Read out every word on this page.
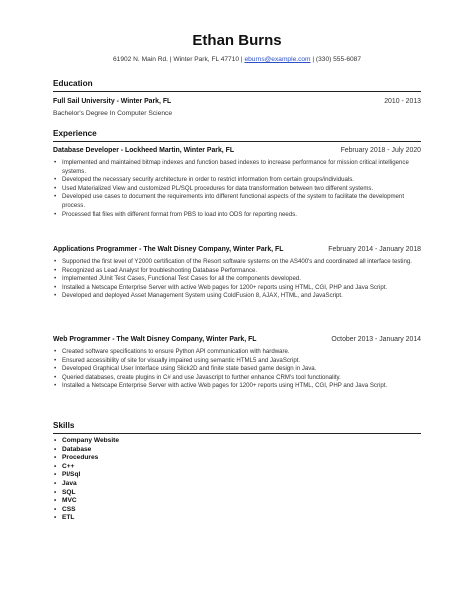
Ethan Burns
61902 N. Main Rd. | Winter Park, FL 47710 | eburns@example.com | (330) 555-6087
Education
Full Sail University - Winter Park, FL	2010 - 2013
Bachelor's Degree In Computer Science
Experience
Database Developer - Lockheed Martin, Winter Park, FL	February 2018 - July 2020
• Implemented and maintained bitmap indexes and function based indexes to increase performance for mission critical intelligence systems.
• Developed the necessary security architecture in order to restrict information from certain groups/individuals.
• Used Materialized View and customized PL/SQL procedures for data transformation between two different systems.
• Developed use cases to document the requirements into different functional aspects of the system to facilitate the development process.
• Processed flat files with different format from PBS to load into ODS for reporting needs.
Applications Programmer - The Walt Disney Company, Winter Park, FL	February 2014 - January 2018
• Supported the first level of Y2000 certification of the Resort software systems on the AS400's and coordinated all interface testing.
• Recognized as Lead Analyst for troubleshooting Database Performance.
• Implemented JUnit Test Cases, Functional Test Cases for all the components developed.
• Installed a Netscape Enterprise Server with active Web pages for 1200+ reports using HTML, CGI, PHP and Java Script.
• Developed and deployed Asset Management System using ColdFusion 8, AJAX, HTML, and JavaScript.
Web Programmer - The Walt Disney Company, Winter Park, FL	October 2013 - January 2014
• Created software specifications to ensure Python API communication with hardware.
• Ensured accessibility of site for visually impaired using semantic HTML5 and JavaScript.
• Developed Graphical User Interface using Slick2D and finite state based game design in Java.
• Queried databases, create plugins in C# and use Javascript to further enhance CRM's tool functionality.
• Installed a Netscape Enterprise Server with active Web pages for 1200+ reports using HTML, CGI, PHP and Java Script.
Skills
• Company Website
• Database
• Procedures
• C++
• Pl/Sql
• Java
• SQL
• MVC
• CSS
• ETL
